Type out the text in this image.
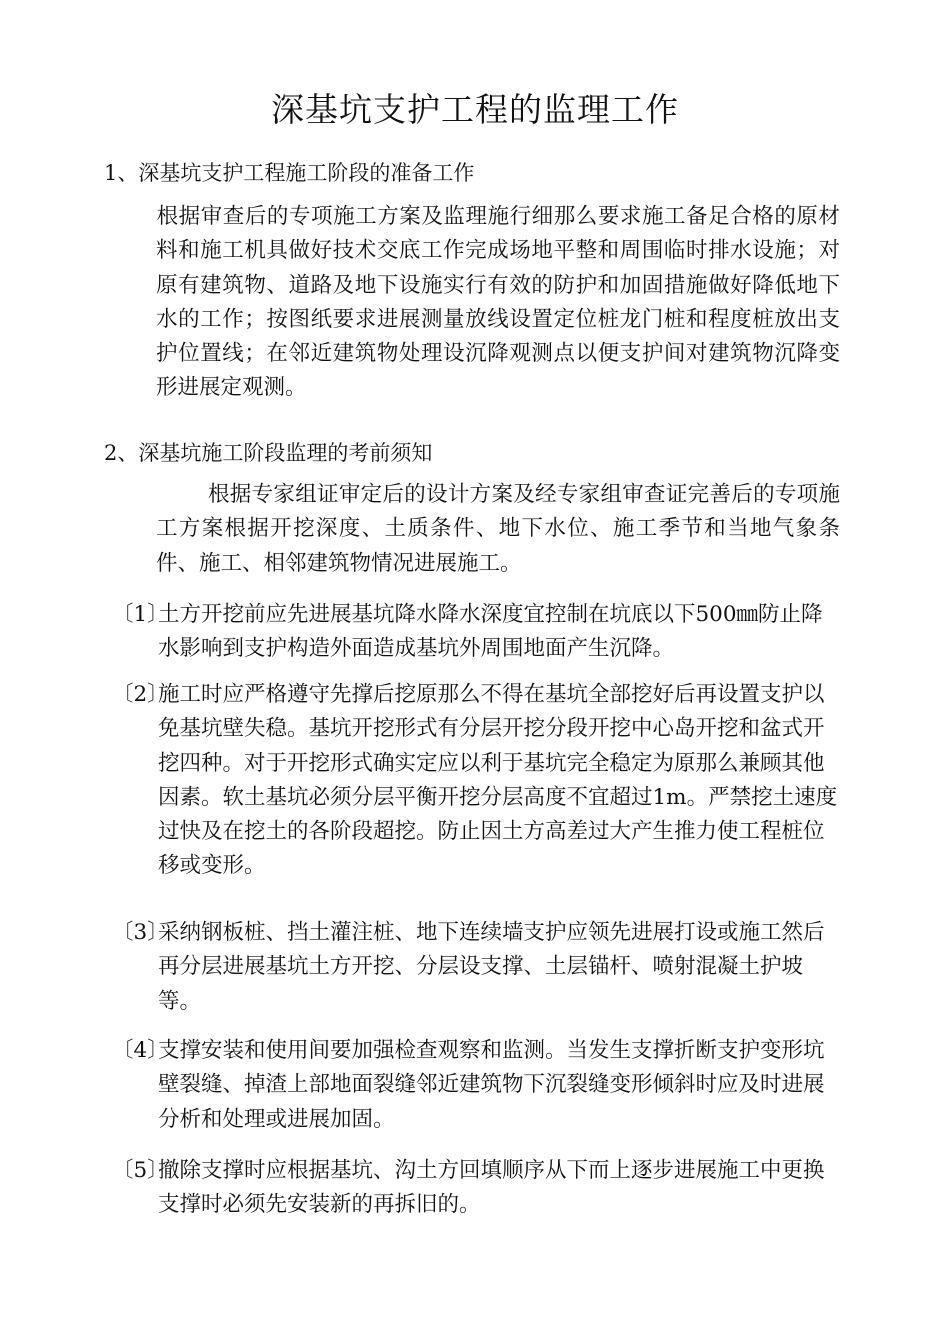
深基坑支护工程的监理工作
1、深基坑支护工程施工阶段的准备工作
根据审查后的专项施工方案及监理施行细那么要求施工备足合格的原材料和施工机具做好技术交底工作完成场地平整和周围临时排水设施；对原有建筑物、道路及地下设施实行有效的防护和加固措施做好降低地下水的工作；按图纸要求进展测量放线设置定位桩龙门桩和程度桩放出支护位置线；在邻近建筑物处理设沉降观测点以便支护间对建筑物沉降变形进展定观测。
2、深基坑施工阶段监理的考前须知
根据专家组证审定后的设计方案及经专家组审查证完善后的专项施工方案根据开挖深度、土质条件、地下水位、施工季节和当地气象条件、施工、相邻建筑物情况进展施工。
〔1〕
土方开挖前应先进展基坑降水降水深度宜控制在坑底以下500㎜防止降水影响到支护构造外面造成基坑外周围地面产生沉降。
〔2〕
施工时应严格遵守先撑后挖原那么不得在基坑全部挖好后再设置支护以免基坑壁失稳。基坑开挖形式有分层开挖分段开挖中心岛开挖和盆式开挖四种。对于开挖形式确实定应以利于基坑完全稳定为原那么兼顾其他因素。软土基坑必须分层平衡开挖分层高度不宜超过1m。严禁挖土速度过快及在挖土的各阶段超挖。防止因土方高差过大产生推力使工程桩位移或变形。
〔3〕
采纳钢板桩、挡土灌注桩、地下连续墙支护应领先进展打设或施工然后再分层进展基坑土方开挖、分层设支撑、土层锚杆、喷射混凝土护坡等。
〔4〕
支撑安装和使用间要加强检查观察和监测。当发生支撑折断支护变形坑壁裂缝、掉渣上部地面裂缝邻近建筑物下沉裂缝变形倾斜时应及时进展分析和处理或进展加固。
〔5〕
撤除支撑时应根据基坑、沟土方回填顺序从下而上逐步进展施工中更换支撑时必须先安装新的再拆旧的。
